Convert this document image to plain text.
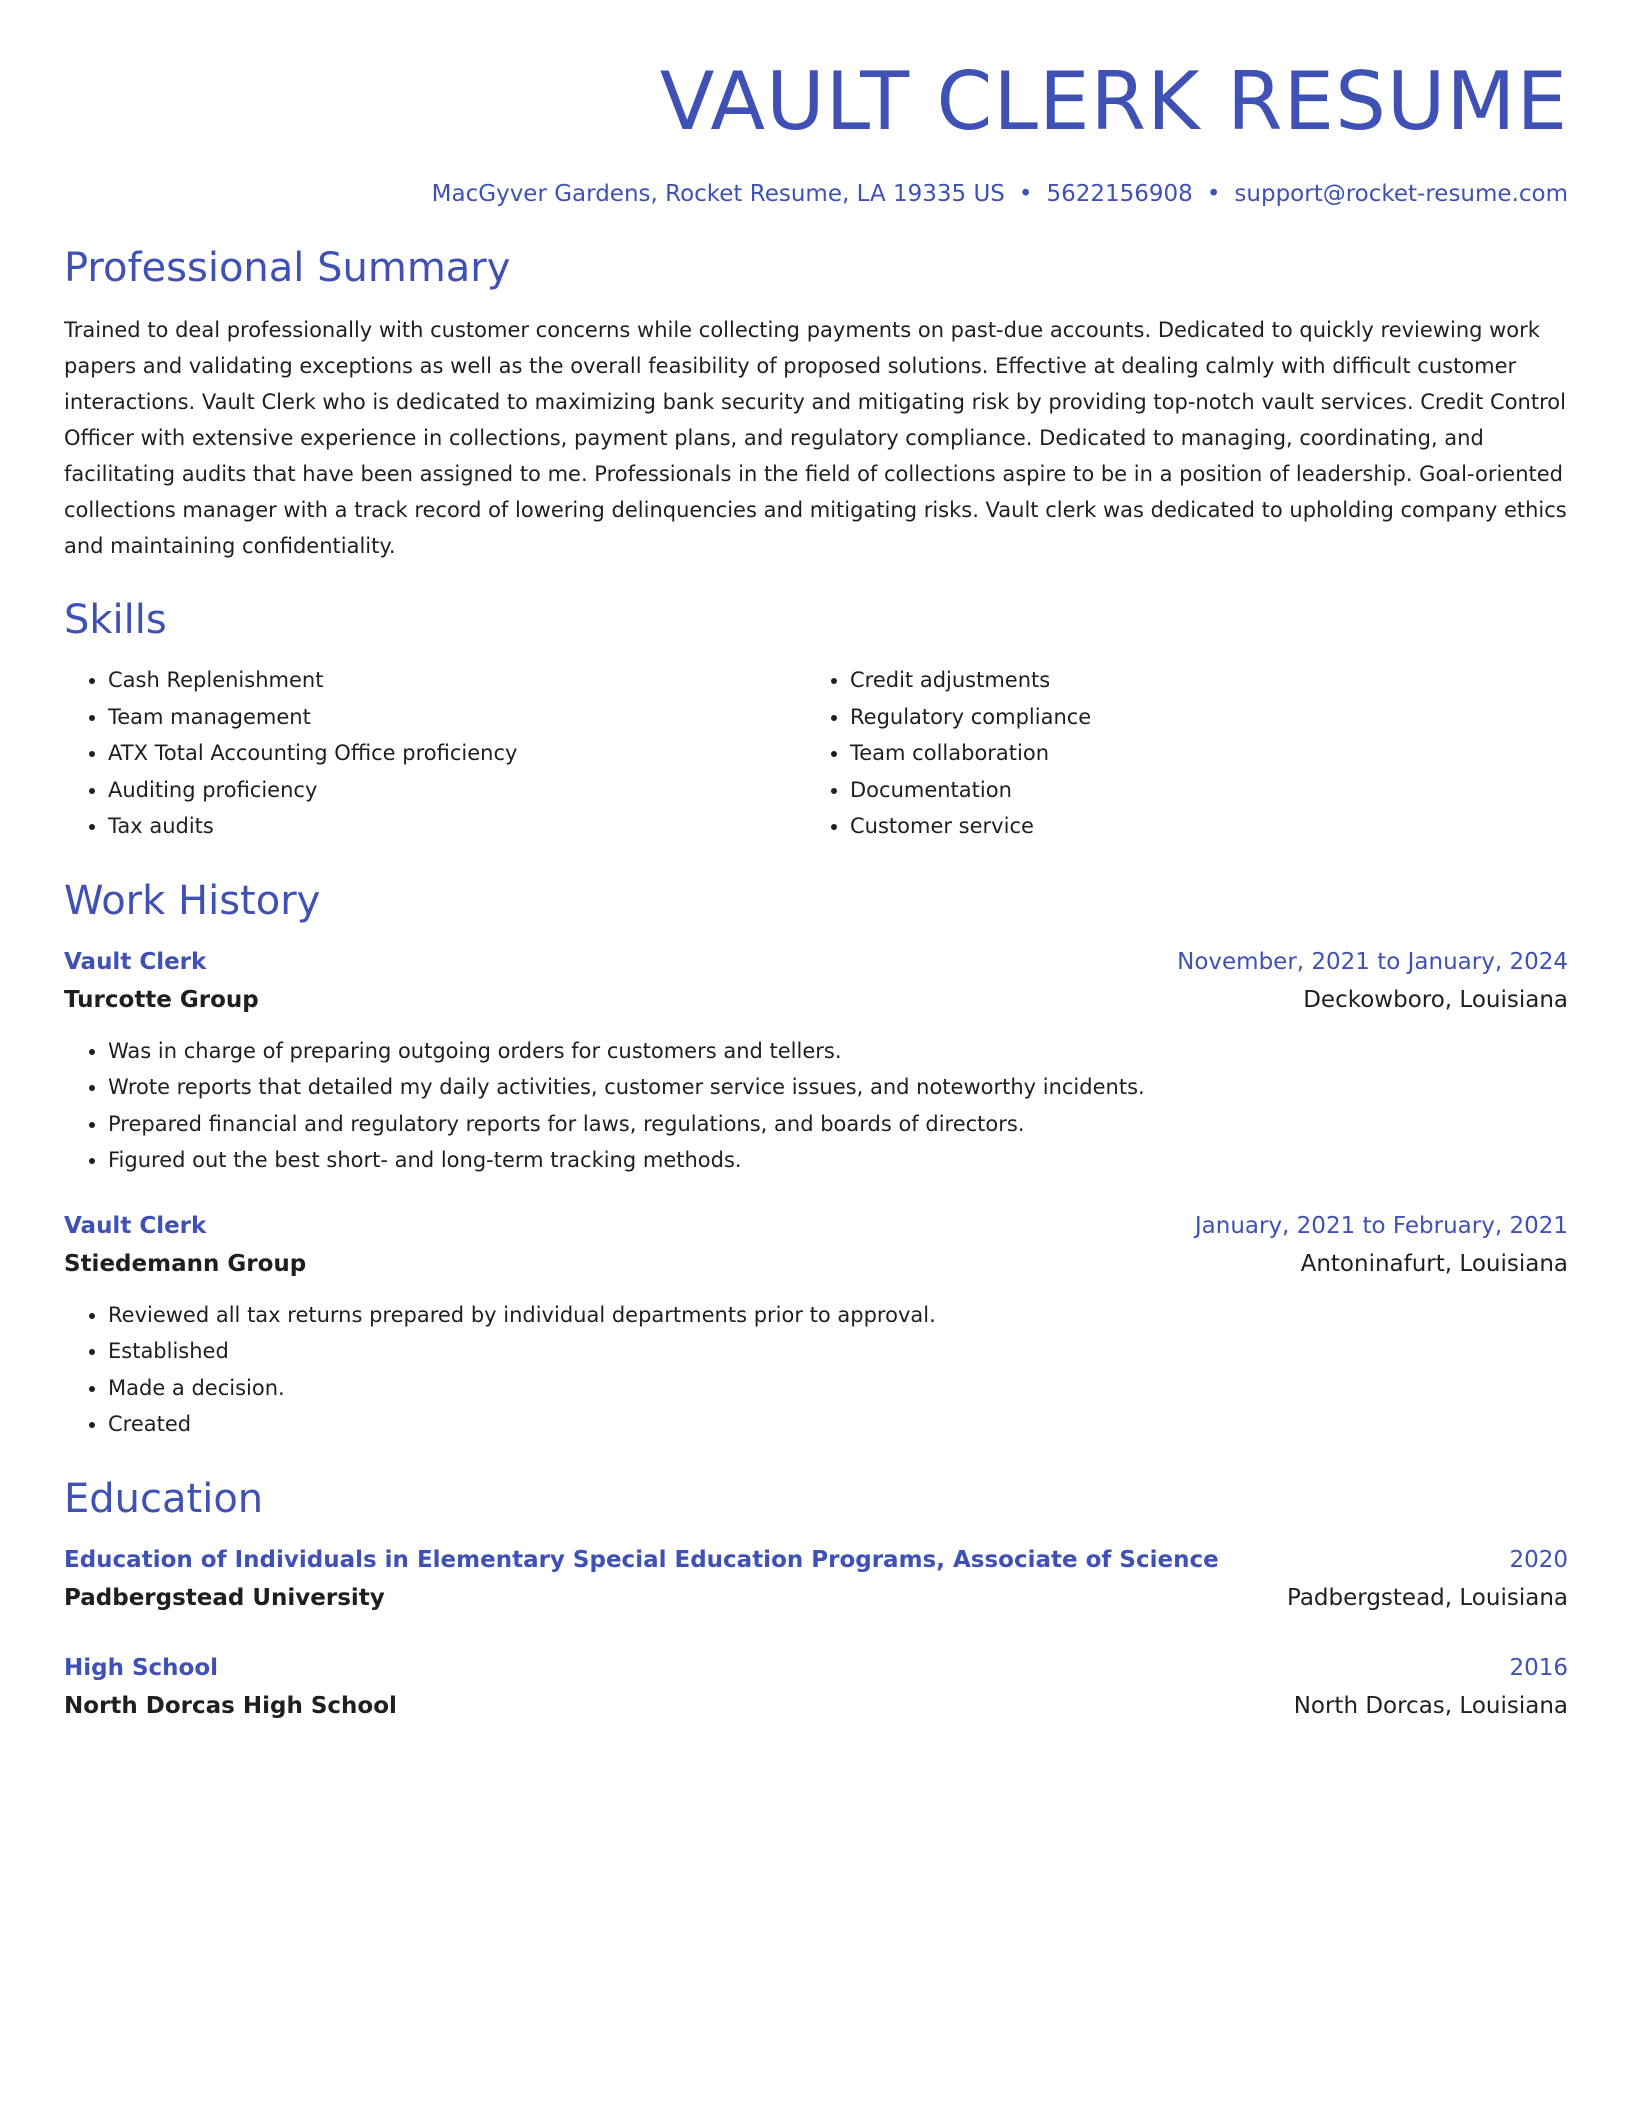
VAULT CLERK RESUME
MacGyver Gardens, Rocket Resume, LA 19335 US • 5622156908 • support@rocket-resume.com
Professional Summary

Trained to deal professionally with customer concerns while collecting payments on past-due accounts. Dedicated to quickly reviewing work papers and validating exceptions as well as the overall feasibility of proposed solutions. Effective at dealing calmly with difficult customer interactions. Vault Clerk who is dedicated to maximizing bank security and mitigating risk by providing top-notch vault services. Credit Control Officer with extensive experience in collections, payment plans, and regulatory compliance. Dedicated to managing, coordinating, and facilitating audits that have been assigned to me. Professionals in the field of collections aspire to be in a position of leadership. Goal-oriented collections manager with a track record of lowering delinquencies and mitigating risks. Vault clerk was dedicated to upholding company ethics and maintaining confidentiality.

Skills
• Cash Replenishment
• Team management
• ATX Total Accounting Office proficiency
• Auditing proficiency
• Tax audits
• Credit adjustments
• Regulatory compliance
• Team collaboration
• Documentation
• Customer service
Work History
Vault Clerk	November, 2021 to January, 2024
Turcotte Group	Deckowboro, Louisiana
• Was in charge of preparing outgoing orders for customers and tellers.
• Wrote reports that detailed my daily activities, customer service issues, and noteworthy incidents.
• Prepared financial and regulatory reports for laws, regulations, and boards of directors.
• Figured out the best short- and long-term tracking methods.
Vault Clerk	January, 2021 to February, 2021
Stiedemann Group	Antoninafurt, Louisiana
• Reviewed all tax returns prepared by individual departments prior to approval.
• Established
• Made a decision.
• Created
Education
Education of Individuals in Elementary Special Education Programs, Associate of Science	2020
Padbergstead University	Padbergstead, Louisiana
High School	2016
North Dorcas High School	North Dorcas, Louisiana
